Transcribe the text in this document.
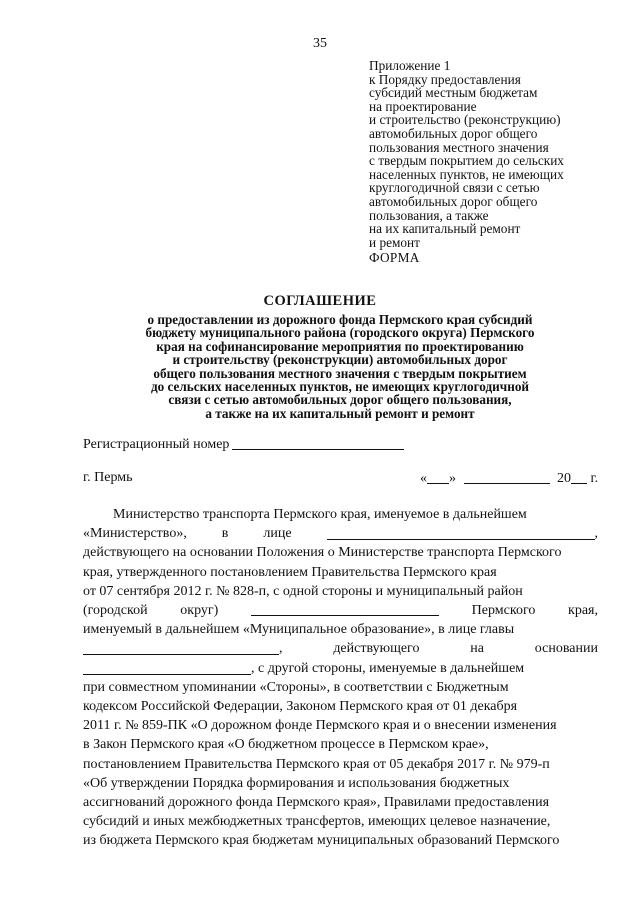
35
Приложение 1
к Порядку предоставления
субсидий местным бюджетам
на проектирование
и строительство (реконструкцию)
автомобильных дорог общего
пользования местного значения
с твердым покрытием до сельских
населенных пунктов, не имеющих
круглогодичной связи с сетью
автомобильных дорог общего
пользования, а также
на их капитальный ремонт
и ремонт
ФОРМА
СОГЛАШЕНИЕ
о предоставлении из дорожного фонда Пермского края субсидий
бюджету муниципального района (городского округа) Пермского
края на софинансирование мероприятия по проектированию
и строительству (реконструкции) автомобильных дорог
общего пользования местного значения с твердым покрытием
до сельских населенных пунктов, не имеющих круглогодичной
связи с сетью автомобильных дорог общего пользования,
а также на их капитальный ремонт и ремонт
Регистрационный номер
г. Пермь	« »	20 г.
Министерство транспорта Пермского края, именуемое в дальнейшем
«Министерство», в лице	,
действующего на основании Положения о Министерстве транспорта Пермского
края, утвержденного постановлением Правительства Пермского края
от 07 сентября 2012 г. № 828-п, с одной стороны и муниципальный район
(городской округ)	Пермского края,
именуемый в дальнейшем «Муниципальное образование», в лице главы
,	действующего	на	основании
, с другой стороны, именуемые в дальнейшем
при совместном упоминании «Стороны», в соответствии с Бюджетным
кодексом Российской Федерации, Законом Пермского края от 01 декабря
2011 г. № 859-ПК «О дорожном фонде Пермского края и о внесении изменения
в Закон Пермского края «О бюджетном процессе в Пермском крае»,
постановлением Правительства Пермского края от 05 декабря 2017 г. № 979-п
«Об утверждении Порядка формирования и использования бюджетных
ассигнований дорожного фонда Пермского края», Правилами предоставления
субсидий и иных межбюджетных трансфертов, имеющих целевое назначение,
из бюджета Пермского края бюджетам муниципальных образований Пермского
